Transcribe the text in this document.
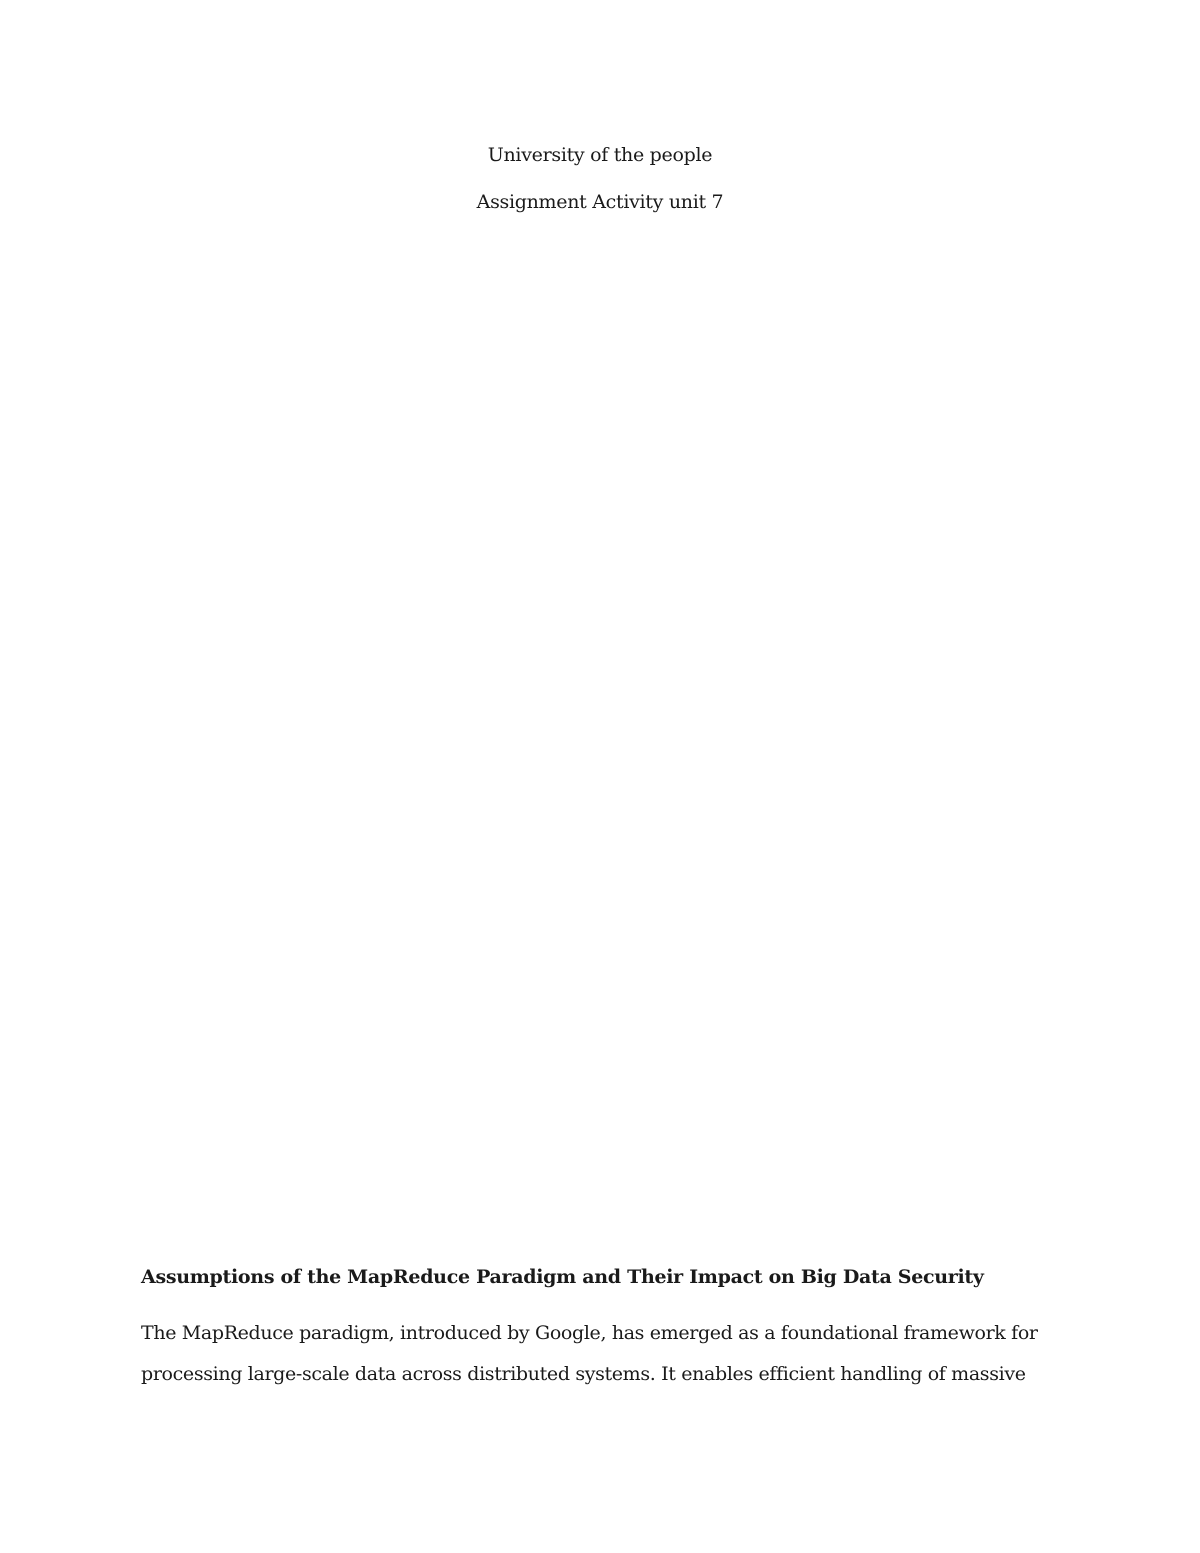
University of the people

Assignment Activity unit 7

Assumptions of the MapReduce Paradigm and Their Impact on Big Data Security

The MapReduce paradigm, introduced by Google, has emerged as a foundational framework for

processing large-scale data across distributed systems. It enables efficient handling of massive
